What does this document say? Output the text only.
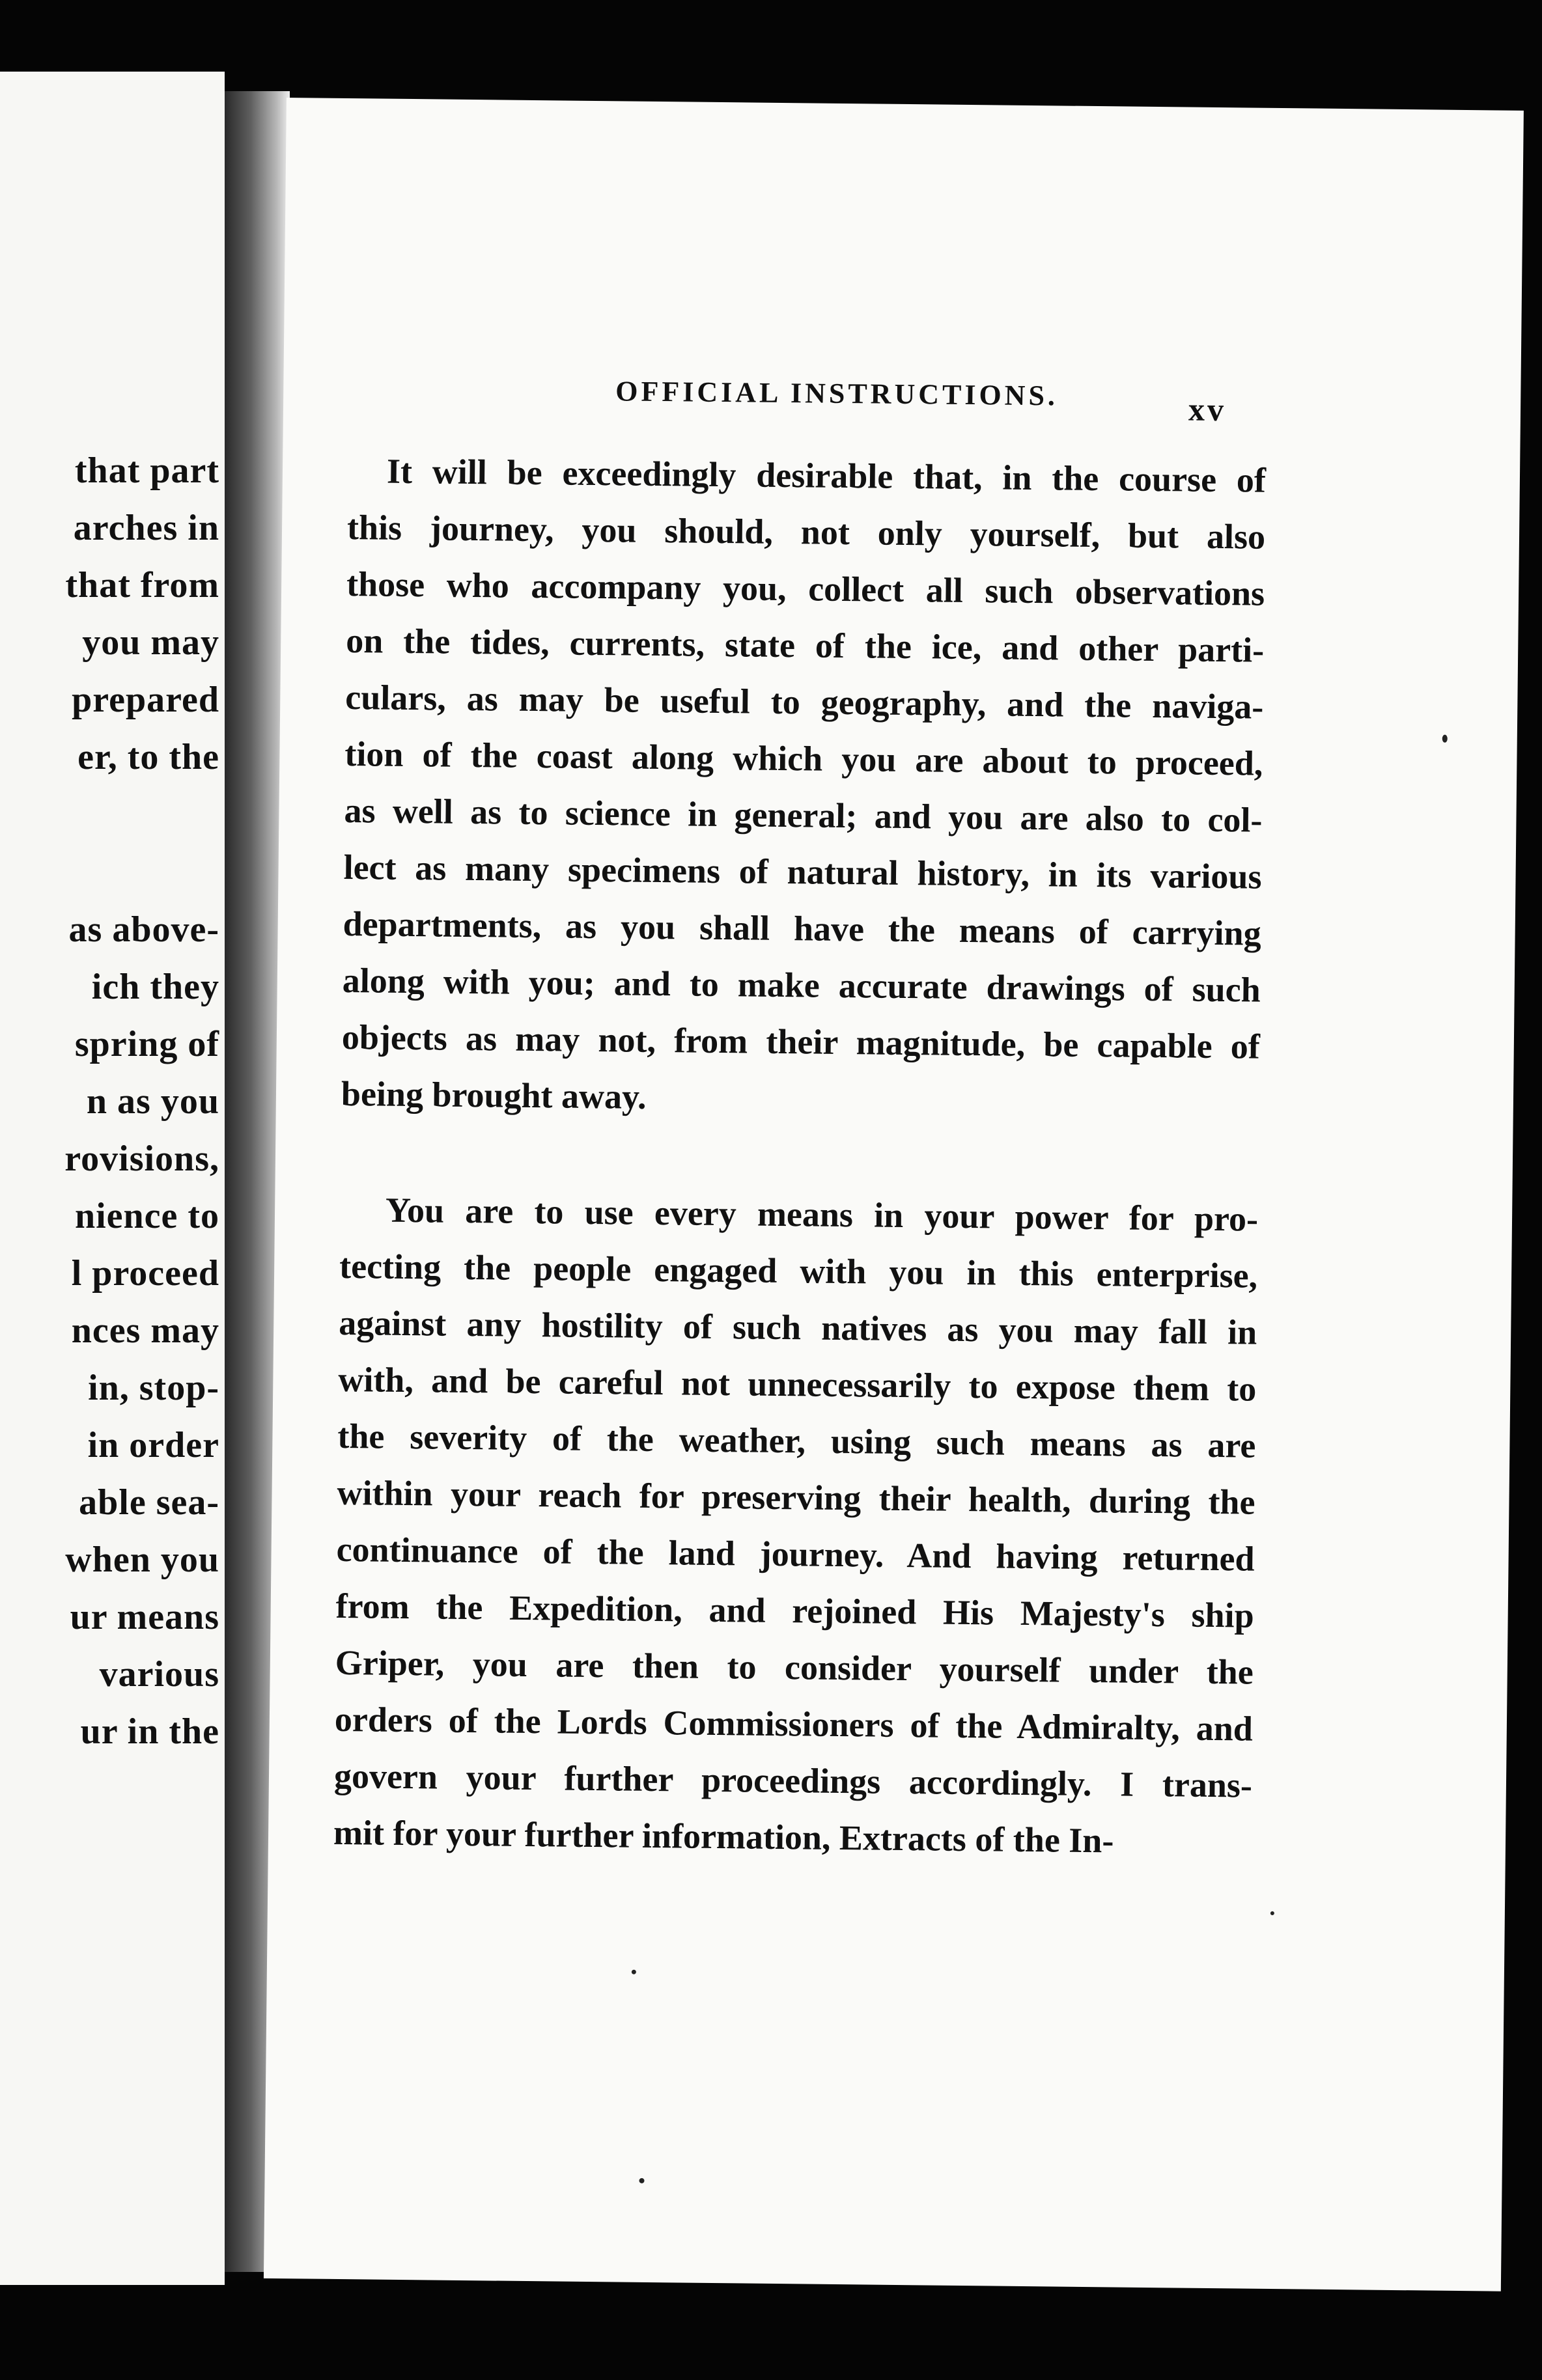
that part
arches in
that from
you may
prepared
er, to the
as above-
ich they
spring of
n as you
rovisions,
nience to
l proceed
nces may
in, stop-
in order
able sea-
when you
ur means
various
ur in the
OFFICIAL INSTRUCTIONS.	xv
It will be exceedingly desirable that, in the course of
this journey, you should, not only yourself, but also
those who accompany you, collect all such observations
on the tides, currents, state of the ice, and other parti-
culars, as may be useful to geography, and the naviga-
tion of the coast along which you are about to proceed,
as well as to science in general; and you are also to col-
lect as many specimens of natural history, in its various
departments, as you shall have the means of carrying
along with you; and to make accurate drawings of such
objects as may not, from their magnitude, be capable of
being brought away.
You are to use every means in your power for pro-
tecting the people engaged with you in this enterprise,
against any hostility of such natives as you may fall in
with, and be careful not unnecessarily to expose them to
the severity of the weather, using such means as are
within your reach for preserving their health, during the
continuance of the land journey. And having returned
from the Expedition, and rejoined His Majesty's ship
Griper, you are then to consider yourself under the
orders of the Lords Commissioners of the Admiralty, and
govern your further proceedings accordingly. I trans-
mit for your further information, Extracts of the In-
